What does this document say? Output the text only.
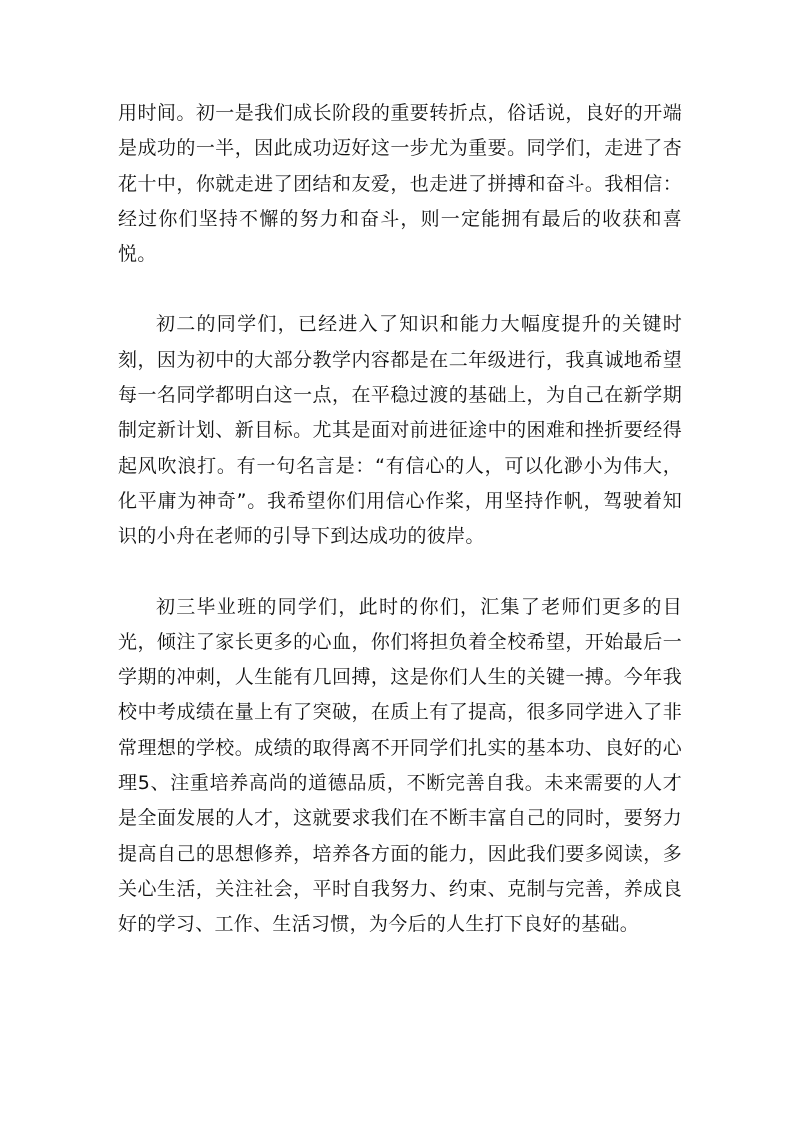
用时间。初一是我们成长阶段的重要转折点，俗话说，良好的开端是成功的一半，因此成功迈好这一步尤为重要。同学们，走进了杏花十中，你就走进了团结和友爱，也走进了拼搏和奋斗。我相信：经过你们坚持不懈的努力和奋斗，则一定能拥有最后的收获和喜悦。

初二的同学们，已经进入了知识和能力大幅度提升的关键时刻，因为初中的大部分教学内容都是在二年级进行，我真诚地希望每一名同学都明白这一点，在平稳过渡的基础上，为自己在新学期制定新计划、新目标。尤其是面对前进征途中的困难和挫折要经得起风吹浪打。有一句名言是：“有信心的人，可以化渺小为伟大，化平庸为神奇”。我希望你们用信心作桨，用坚持作帆，驾驶着知识的小舟在老师的引导下到达成功的彼岸。

初三毕业班的同学们，此时的你们，汇集了老师们更多的目光，倾注了家长更多的心血，你们将担负着全校希望，开始最后一学期的冲刺，人生能有几回搏，这是你们人生的关键一搏。今年我校中考成绩在量上有了突破，在质上有了提高，很多同学进入了非常理想的学校。成绩的取得离不开同学们扎实的基本功、良好的心理5、注重培养高尚的道德品质，不断完善自我。未来需要的人才是全面发展的人才，这就要求我们在不断丰富自己的同时，要努力提高自己的思想修养，培养各方面的能力，因此我们要多阅读，多关心生活，关注社会，平时自我努力、约束、克制与完善，养成良好的学习、工作、生活习惯，为今后的人生打下良好的基础。
